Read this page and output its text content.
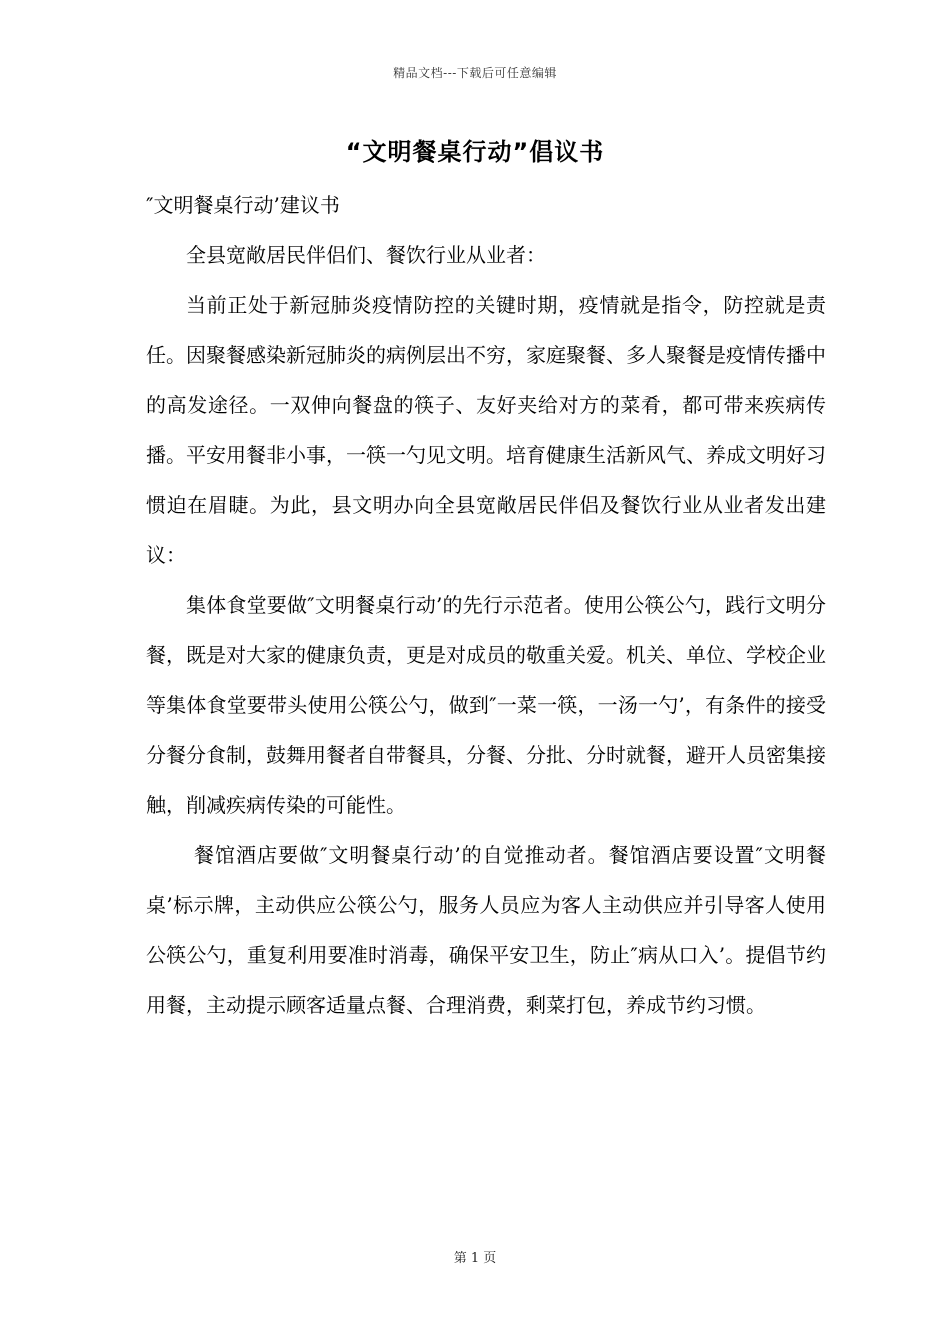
精品文档---下载后可任意编辑
“文明餐桌行动”倡议书

″文明餐桌行动’建议书

全县宽敞居民伴侣们、餐饮行业从业者：

当前正处于新冠肺炎疫情防控的关键时期，疫情就是指令，防控就是责任。因聚餐感染新冠肺炎的病例层出不穷，家庭聚餐、多人聚餐是疫情传播中的高发途径。一双伸向餐盘的筷子、友好夹给对方的菜肴，都可带来疾病传播。平安用餐非小事，一筷一勺见文明。培育健康生活新风气、养成文明好习惯迫在眉睫。为此，县文明办向全县宽敞居民伴侣及餐饮行业从业者发出建议：

集体食堂要做″文明餐桌行动’的先行示范者。使用公筷公勺，践行文明分餐，既是对大家的健康负责，更是对成员的敬重关爱。机关、单位、学校企业等集体食堂要带头使用公筷公勺，做到″一菜一筷，一汤一勺’，有条件的接受分餐分食制，鼓舞用餐者自带餐具，分餐、分批、分时就餐，避开人员密集接触，削减疾病传染的可能性。

餐馆酒店要做″文明餐桌行动’的自觉推动者。餐馆酒店要设置″文明餐桌’标示牌，主动供应公筷公勺，服务人员应为客人主动供应并引导客人使用公筷公勺，重复利用要准时消毒，确保平安卫生，防止″病从口入’。提倡节约用餐，主动提示顾客适量点餐、合理消费，剩菜打包，养成节约习惯。

第 1 页
